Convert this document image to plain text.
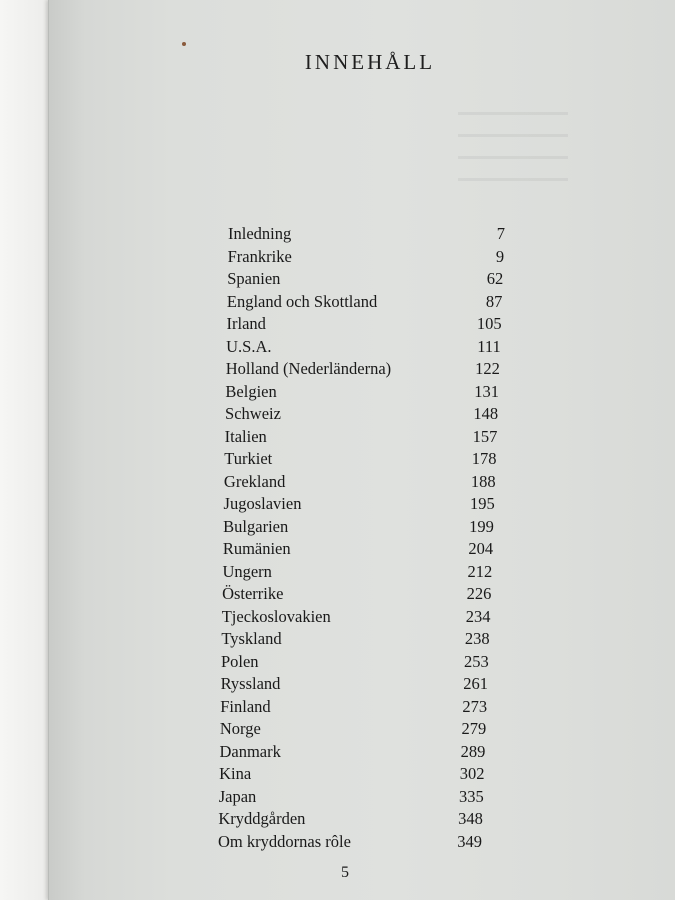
INNEHÅLL
Inledning	7
Frankrike	9
Spanien	62
England och Skottland	87
Irland	105
U.S.A.	111
Holland (Nederländerna)	122
Belgien	131
Schweiz	148
Italien	157
Turkiet	178
Grekland	188
Jugoslavien	195
Bulgarien	199
Rumänien	204
Ungern	212
Österrike	226
Tjeckoslovakien	234
Tyskland	238
Polen	253
Ryssland	261
Finland	273
Norge	279
Danmark	289
Kina	302
Japan	335
Kryddgården	348
Om kryddornas rôle	349
5
